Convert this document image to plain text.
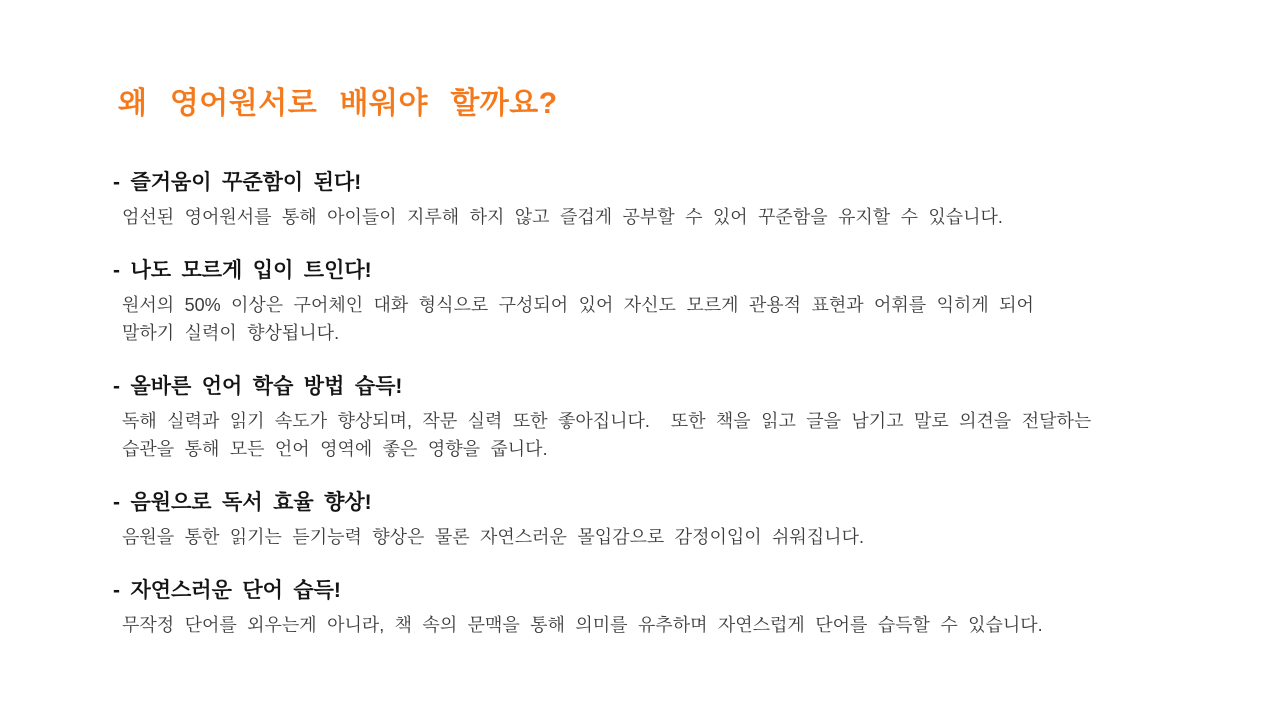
왜 영어원서로 배워야 할까요?
- 즐거움이 꾸준함이 된다!

엄선된 영어원서를 통해 아이들이 지루해 하지 않고 즐겁게 공부할 수 있어 꾸준함을 유지할 수 있습니다.

- 나도 모르게 입이 트인다!

원서의 50% 이상은 구어체인 대화 형식으로 구성되어 있어 자신도 모르게 관용적 표현과 어휘를 익히게 되어

말하기 실력이 향상됩니다.

- 올바른 언어 학습 방법 습득!

독해 실력과 읽기 속도가 향상되며, 작문 실력 또한 좋아집니다.  또한 책을 읽고 글을 남기고 말로 의견을 전달하는

습관을 통해 모든 언어 영역에 좋은 영향을 줍니다.

- 음원으로 독서 효율 향상!

음원을 통한 읽기는 듣기능력 향상은 물론 자연스러운 몰입감으로 감정이입이 쉬워집니다.

- 자연스러운 단어 습득!

무작정 단어를 외우는게 아니라, 책 속의 문맥을 통해 의미를 유추하며 자연스럽게 단어를 습득할 수 있습니다.
